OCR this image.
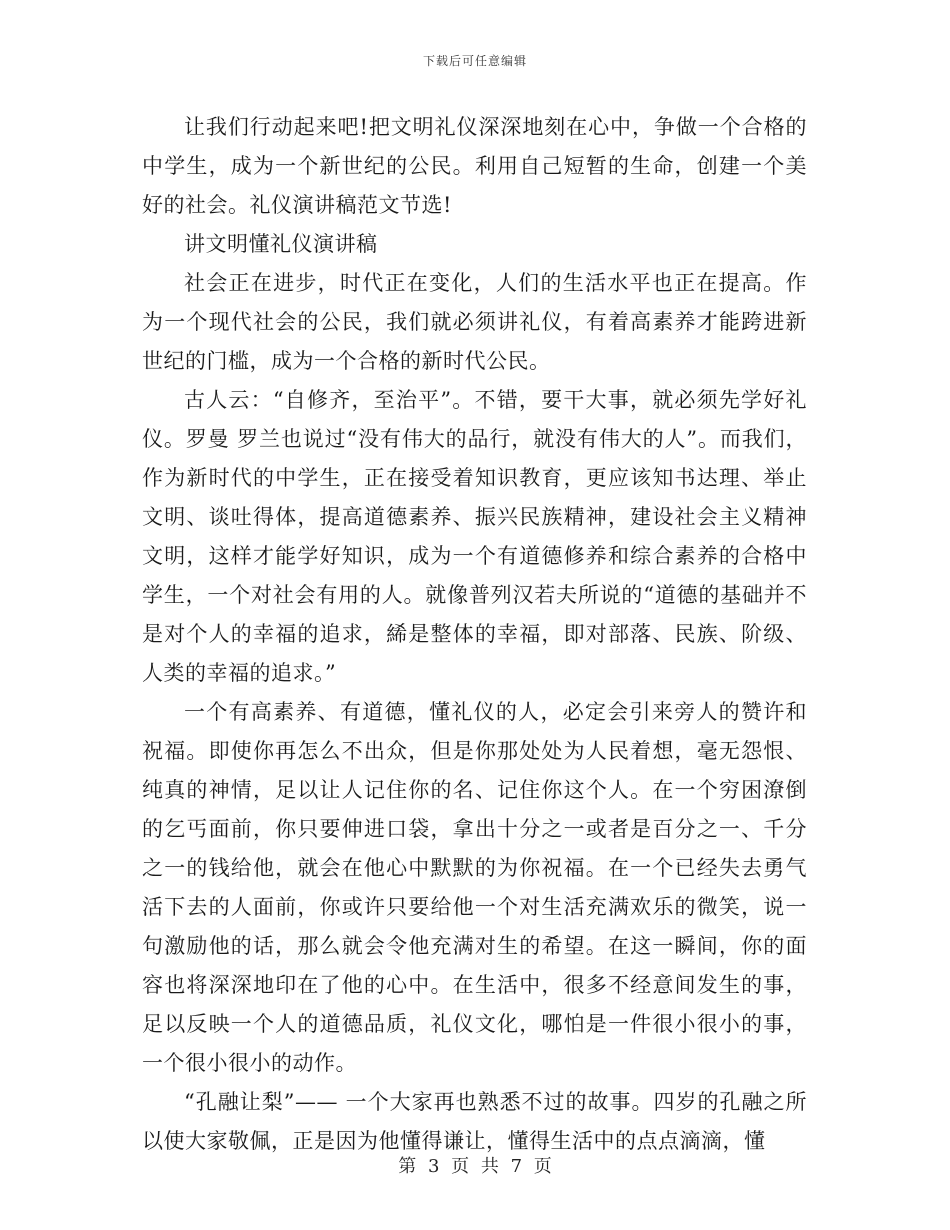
下载后可任意编辑

让我们行动起来吧!把文明礼仪深深地刻在心中，争做一个合格的中学生，成为一个新世纪的公民。利用自己短暂的生命，创建一个美好的社会。礼仪演讲稿范文节选!

讲文明懂礼仪演讲稿

社会正在进步，时代正在变化，人们的生活水平也正在提高。作为一个现代社会的公民，我们就必须讲礼仪，有着高素养才能跨进新世纪的门槛，成为一个合格的新时代公民。

古人云：“自修齐，至治平”。不错，要干大事，就必须先学好礼仪。罗曼 罗兰也说过“没有伟大的品行，就没有伟大的人”。而我们，作为新时代的中学生，正在接受着知识教育，更应该知书达理、举止文明、谈吐得体，提高道德素养、振兴民族精神，建设社会主义精神文明，这样才能学好知识，成为一个有道德修养和综合素养的合格中学生，一个对社会有用的人。就像普列汉若夫所说的“道德的基础并不是对个人的幸福的追求，絺是整体的幸福，即对部落、民族、阶级、人类的幸福的追求。”

一个有高素养、有道德，懂礼仪的人，必定会引来旁人的赞许和祝福。即使你再怎么不出众，但是你那处处为人民着想，毫无怨恨、纯真的神情，足以让人记住你的名、记住你这个人。在一个穷困潦倒的乞丐面前，你只要伸进口袋，拿出十分之一或者是百分之一、千分之一的钱给他，就会在他心中默默的为你祝福。在一个已经失去勇气活下去的人面前，你或许只要给他一个对生活充满欢乐的微笑，说一句激励他的话，那么就会令他充满对生的希望。在这一瞬间，你的面容也将深深地印在了他的心中。在生活中，很多不经意间发生的事，足以反映一个人的道德品质，礼仪文化，哪怕是一件很小很小的事，一个很小很小的动作。

“孔融让梨”—— 一个大家再也熟悉不过的故事。四岁的孔融之所以使大家敬佩，正是因为他懂得谦让，懂得生活中的点点滴滴，懂

第 3 页 共 7 页
